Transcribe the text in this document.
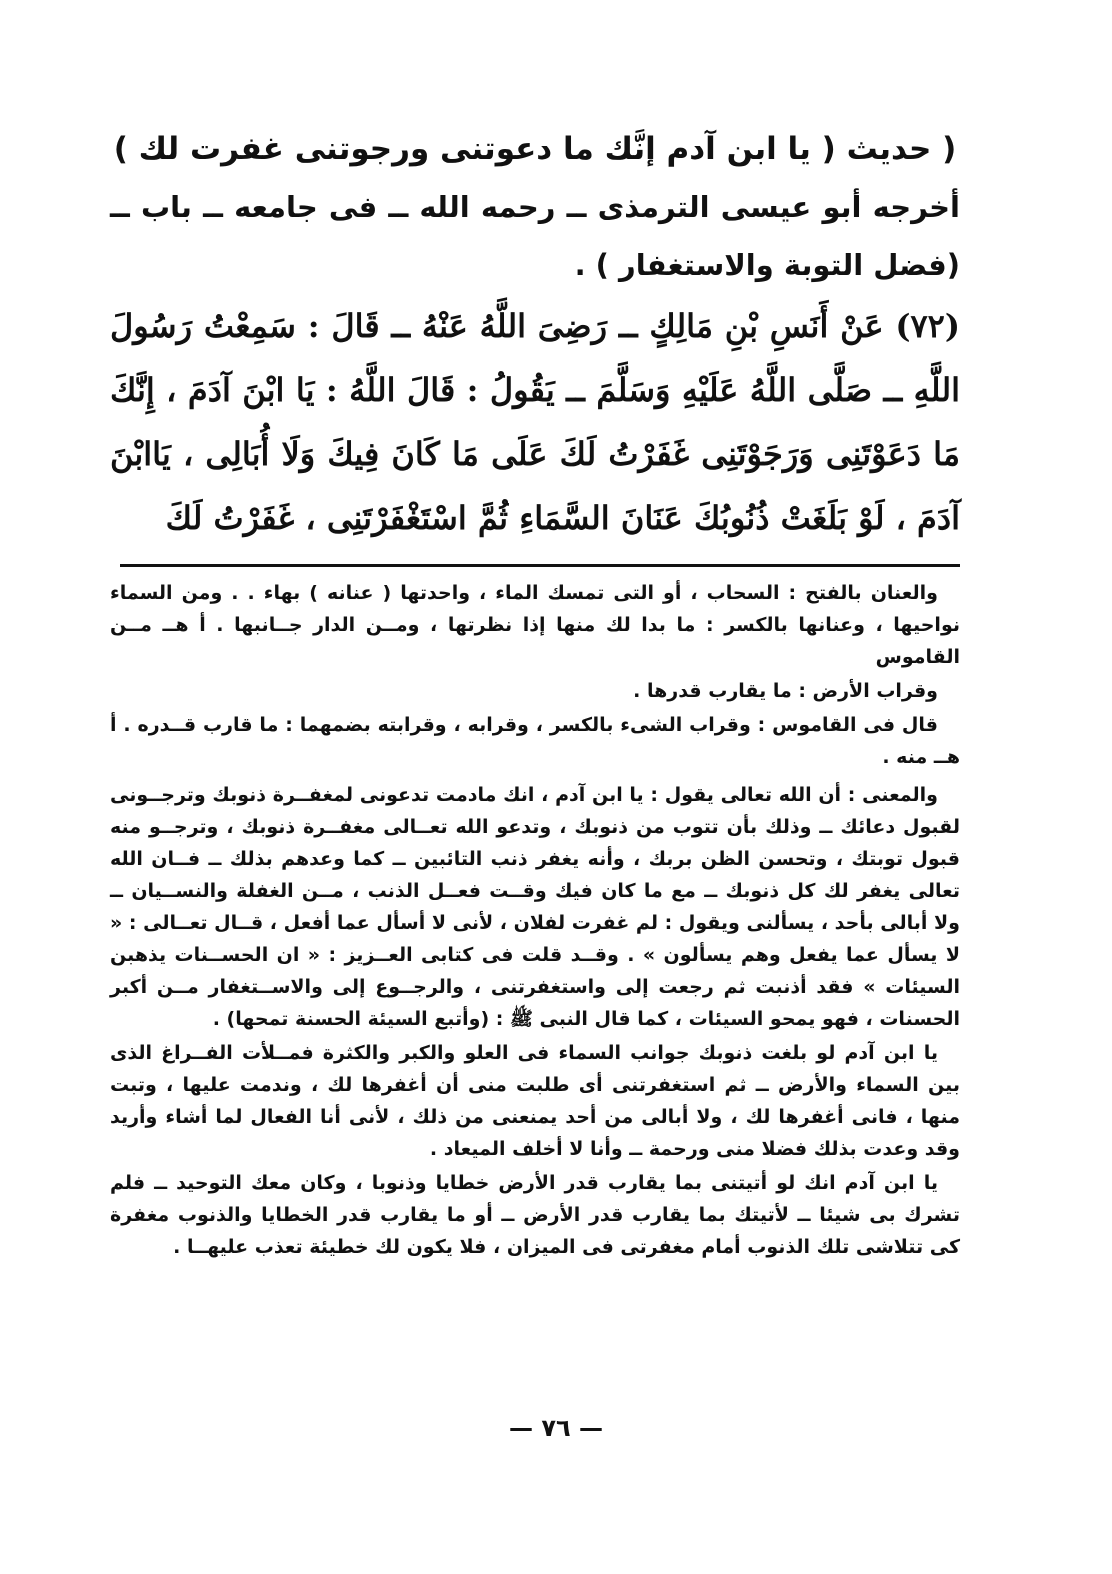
( حديث ( يا ابن آدم إنَّك ما دعوتنى ورجوتنى غفرت لك )

أخرجه أبو عيسى الترمذى ــ رحمه الله ــ فى جامعه ــ باب ــ (فضل التوبة والاستغفار ) .

(٧٢) عَنْ أَنَسِ بْنِ مَالِكٍ ــ رَضِىَ اللَّهُ عَنْهُ ــ قَالَ : سَمِعْتُ رَسُولَ اللَّهِ ــ صَلَّى اللَّهُ عَلَيْهِ وَسَلَّمَ ــ يَقُولُ : قَالَ اللَّهُ : يَا ابْنَ آدَمَ ، إِنَّكَ مَا دَعَوْتَنِى وَرَجَوْتَنِى غَفَرْتُ لَكَ عَلَى مَا كَانَ فِيكَ وَلَا أُبَالِى ، يَاابْنَ آدَمَ ، لَوْ بَلَغَتْ ذُنُوبُكَ عَنَانَ السَّمَاءِ ثُمَّ اسْتَغْفَرْتَنِى ، غَفَرْتُ لَكَ

والعنان بالفتح : السحاب ، أو التى تمسك الماء ، واحدتها ( عنانه ) بهاء . . ومن السماء نواحيها ، وعنانها بالكسر : ما بدا لك منها إذا نظرتها ، ومــن الدار جــانبها . أ هــ مــن القاموس

وقراب الأرض : ما يقارب قدرها .

قال فى القاموس : وقراب الشىء بالكسر ، وقرابه ، وقرابته بضمهما : ما قارب قــدره . أ هــ منه .

والمعنى : أن الله تعالى يقول : يا ابن آدم ، انك مادمت تدعونى لمغفــرة ذنوبك وترجــونى لقبول دعائك ــ وذلك بأن تتوب من ذنوبك ، وتدعو الله تعــالى مغفــرة ذنوبك ، وترجــو منه قبول توبتك ، وتحسن الظن بربك ، وأنه يغفر ذنب التائبين ــ كما وعدهم بذلك ــ فــان الله تعالى يغفر لك كل ذنوبك ــ مع ما كان فيك وقــت فعــل الذنب ، مــن الغفلة والنســيان ــ ولا أبالى بأحد ، يسألنى ويقول : لم غفرت لفلان ، لأنى لا أسأل عما أفعل ، قــال تعــالى : « لا يسأل عما يفعل وهم يسألون » . وقــد قلت فى كتابى العــزيز : « ان الحســنات يذهبن السيئات » فقد أذنبت ثم رجعت إلى واستغفرتنى ، والرجــوع إلى والاســتغفار مــن أكبر الحسنات ، فهو يمحو السيئات ، كما قال النبى ﷺ : (وأتبع السيئة الحسنة تمحها) .

يا ابن آدم لو بلغت ذنوبك جوانب السماء فى العلو والكبر والكثرة فمــلأت الفــراغ الذى بين السماء والأرض ــ ثم استغفرتنى أى طلبت منى أن أغفرها لك ، وندمت عليها ، وتبت منها ، فانى أغفرها لك ، ولا أبالى من أحد يمنعنى من ذلك ، لأنى أنا الفعال لما أشاء وأريد وقد وعدت بذلك فضلا منى ورحمة ــ وأنا لا أخلف الميعاد .

يا ابن آدم انك لو أتيتنى بما يقارب قدر الأرض خطايا وذنوبا ، وكان معك التوحيد ــ فلم تشرك بى شيئا ــ لأتيتك بما يقارب قدر الأرض ــ أو ما يقارب قدر الخطايا والذنوب مغفرة كى تتلاشى تلك الذنوب أمام مغفرتى فى الميزان ، فلا يكون لك خطيئة تعذب عليهــا .

— ٧٦ —
